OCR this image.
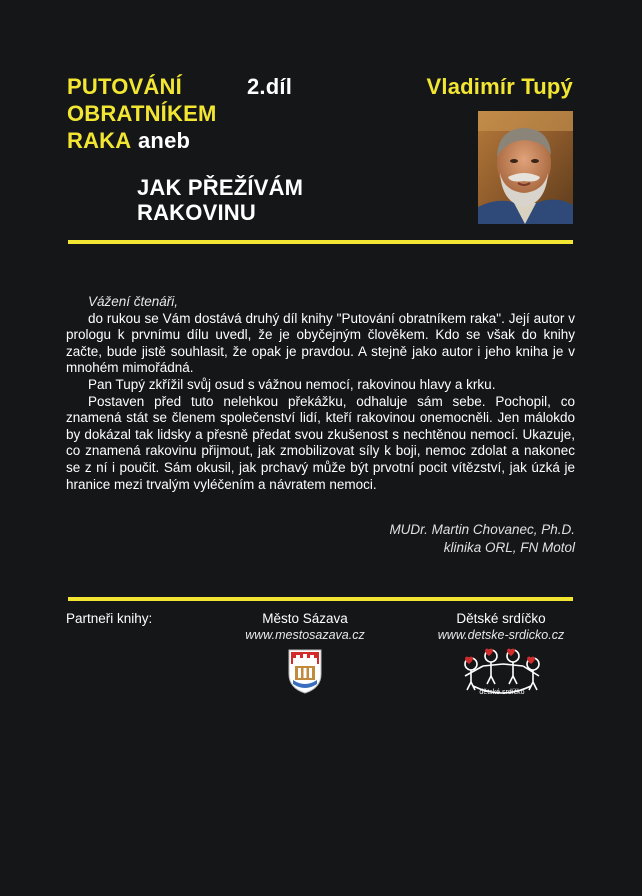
PUTOVÁNÍ
OBRATNÍKEM
RAKA
2.díl
aneb
JAK PŘEŽÍVÁM
RAKOVINU
Vladimír Tupý
Vážení čtenáři,

do rukou se Vám dostává druhý díl knihy "Putování obratníkem raka". Její autor v prologu k prvnímu dílu uvedl, že je obyčejným člověkem. Kdo se však do knihy začte, bude jistě souhlasit, že opak je pravdou. A stejně jako autor i jeho kniha je v mnohém mimořádná.

Pan Tupý zkřížil svůj osud s vážnou nemocí, rakovinou hlavy a krku.

Postaven před tuto nelehkou překážku, odhaluje sám sebe. Pochopil, co znamená stát se členem společenství lidí, kteří rakovinou onemocněli. Jen málokdo by dokázal tak lidsky a přesně předat svou zkušenost s nechtěnou nemocí. Ukazuje, co znamená rakovinu přijmout, jak zmobilizovat síly k boji, nemoc zdolat a nakonec se z ní i poučit. Sám okusil, jak prchavý může být prvotní pocit vítězství, jak úzká je hranice mezi trvalým vyléčením a návratem nemoci.

MUDr. Martin Chovanec, Ph.D.
klinika ORL, FN Motol
Partneři knihy:	Město Sázava
www.mestosazava.cz
Dětské srdíčko
www.detske-srdicko.cz
dětské srdíčko
